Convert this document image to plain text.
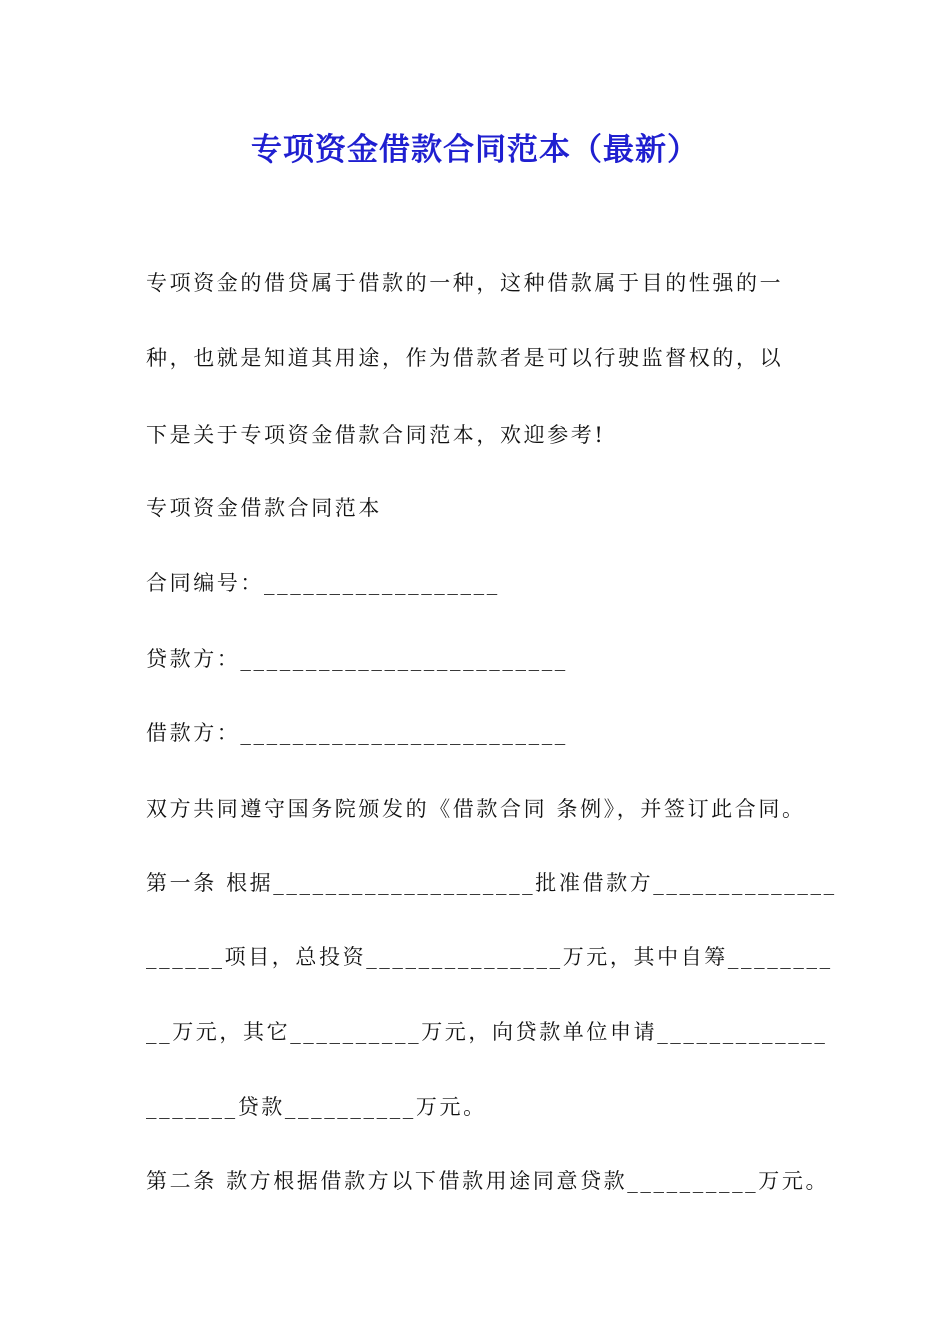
专项资金借款合同范本（最新）
专项资金的借贷属于借款的一种，这种借款属于目的性强的一
种，也就是知道其用途，作为借款者是可以行驶监督权的，以
下是关于专项资金借款合同范本，欢迎参考!
专项资金借款合同范本
合同编号：__________________
贷款方：_________________________
借款方：_________________________
双方共同遵守国务院颁发的《借款合同 条例》，并签订此合同。
第一条 根据____________________批准借款方______________
______项目，总投资_______________万元，其中自筹________
__万元，其它__________万元，向贷款单位申请_____________
_______贷款__________万元。
第二条 款方根据借款方以下借款用途同意贷款__________万元。
